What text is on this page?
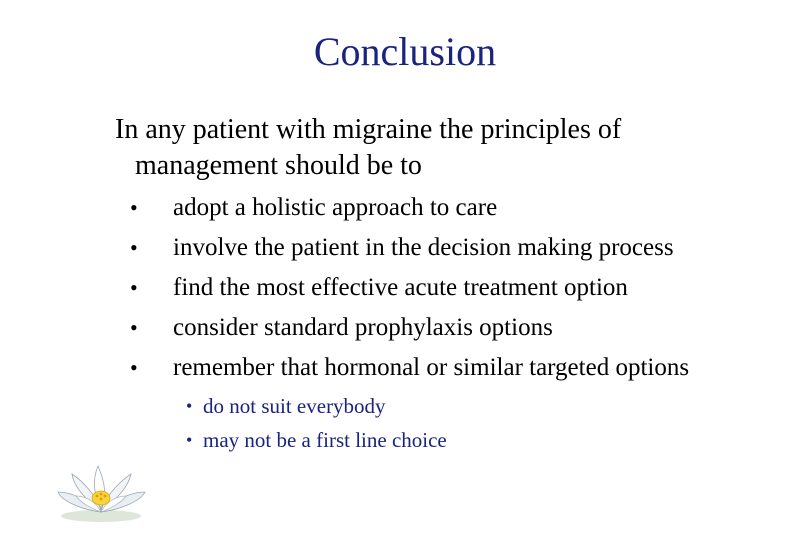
Conclusion
In any patient with migraine the principles of
management should be to
• adopt a holistic approach to care
• involve the patient in the decision making process
• find the most effective acute treatment option
• consider standard prophylaxis options
• remember that hormonal or similar targeted options
• do not suit everybody
• may not be a first line choice
